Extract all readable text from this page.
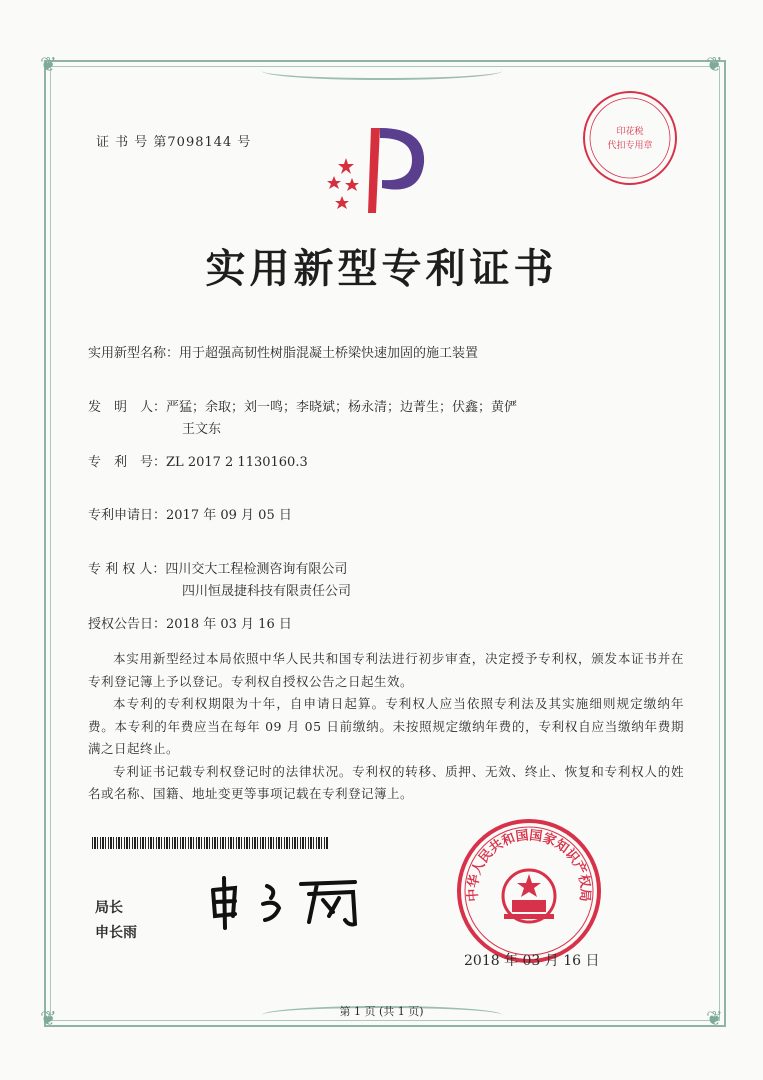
❦	❦
❦	❦
证 书 号 第7098144 号
印花税
代扣专用章
实用新型专利证书
实用新型名称：用于超强高韧性树脂混凝土桥梁快速加固的施工装置
发　明　人：严猛；余取；刘一鸣；李晓斌；杨永清；边菁生；伏鑫；黄俨
王文东
专　利　号：ZL 2017 2 1130160.3
专利申请日：2017 年 09 月 05 日
专 利 权 人：四川交大工程检测咨询有限公司
四川恒晟捷科技有限责任公司
授权公告日：2018 年 03 月 16 日

本实用新型经过本局依照中华人民共和国专利法进行初步审查，决定授予专利权，颁发本证书并在专利登记簿上予以登记。专利权自授权公告之日起生效。

本专利的专利权期限为十年，自申请日起算。专利权人应当依照专利法及其实施细则规定缴纳年费。本专利的年费应当在每年 09 月 05 日前缴纳。未按照规定缴纳年费的，专利权自应当缴纳年费期满之日起终止。

专利证书记载专利权登记时的法律状况。专利权的转移、质押、无效、终止、恢复和专利权人的姓名或名称、国籍、地址变更等事项记载在专利登记簿上。

局长
申长雨
中华人民共和国国家知识产权局
2018 年 03 月 16 日
第 1 页 (共 1 页)
